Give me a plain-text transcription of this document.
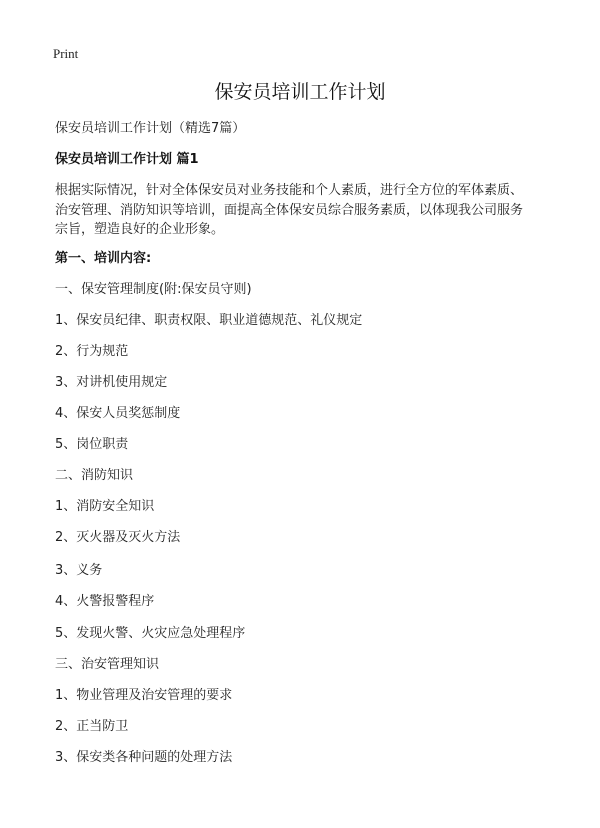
Print
保安员培训工作计划
保安员培训工作计划（精选7篇）
保安员培训工作计划 篇1
根据实际情况，针对全体保安员对业务技能和个人素质，进行全方位的军体素质、
治安管理、消防知识等培训，面提高全体保安员综合服务素质，以体现我公司服务
宗旨，塑造良好的企业形象。
第一、培训内容:
一、保安管理制度(附:保安员守则)
1、保安员纪律、职责权限、职业道德规范、礼仪规定
2、行为规范
3、对讲机使用规定
4、保安人员奖惩制度
5、岗位职责
二、消防知识
1、消防安全知识
2、灭火器及灭火方法
3、义务
4、火警报警程序
5、发现火警、火灾应急处理程序
三、治安管理知识
1、物业管理及治安管理的要求
2、正当防卫
3、保安类各种问题的处理方法
